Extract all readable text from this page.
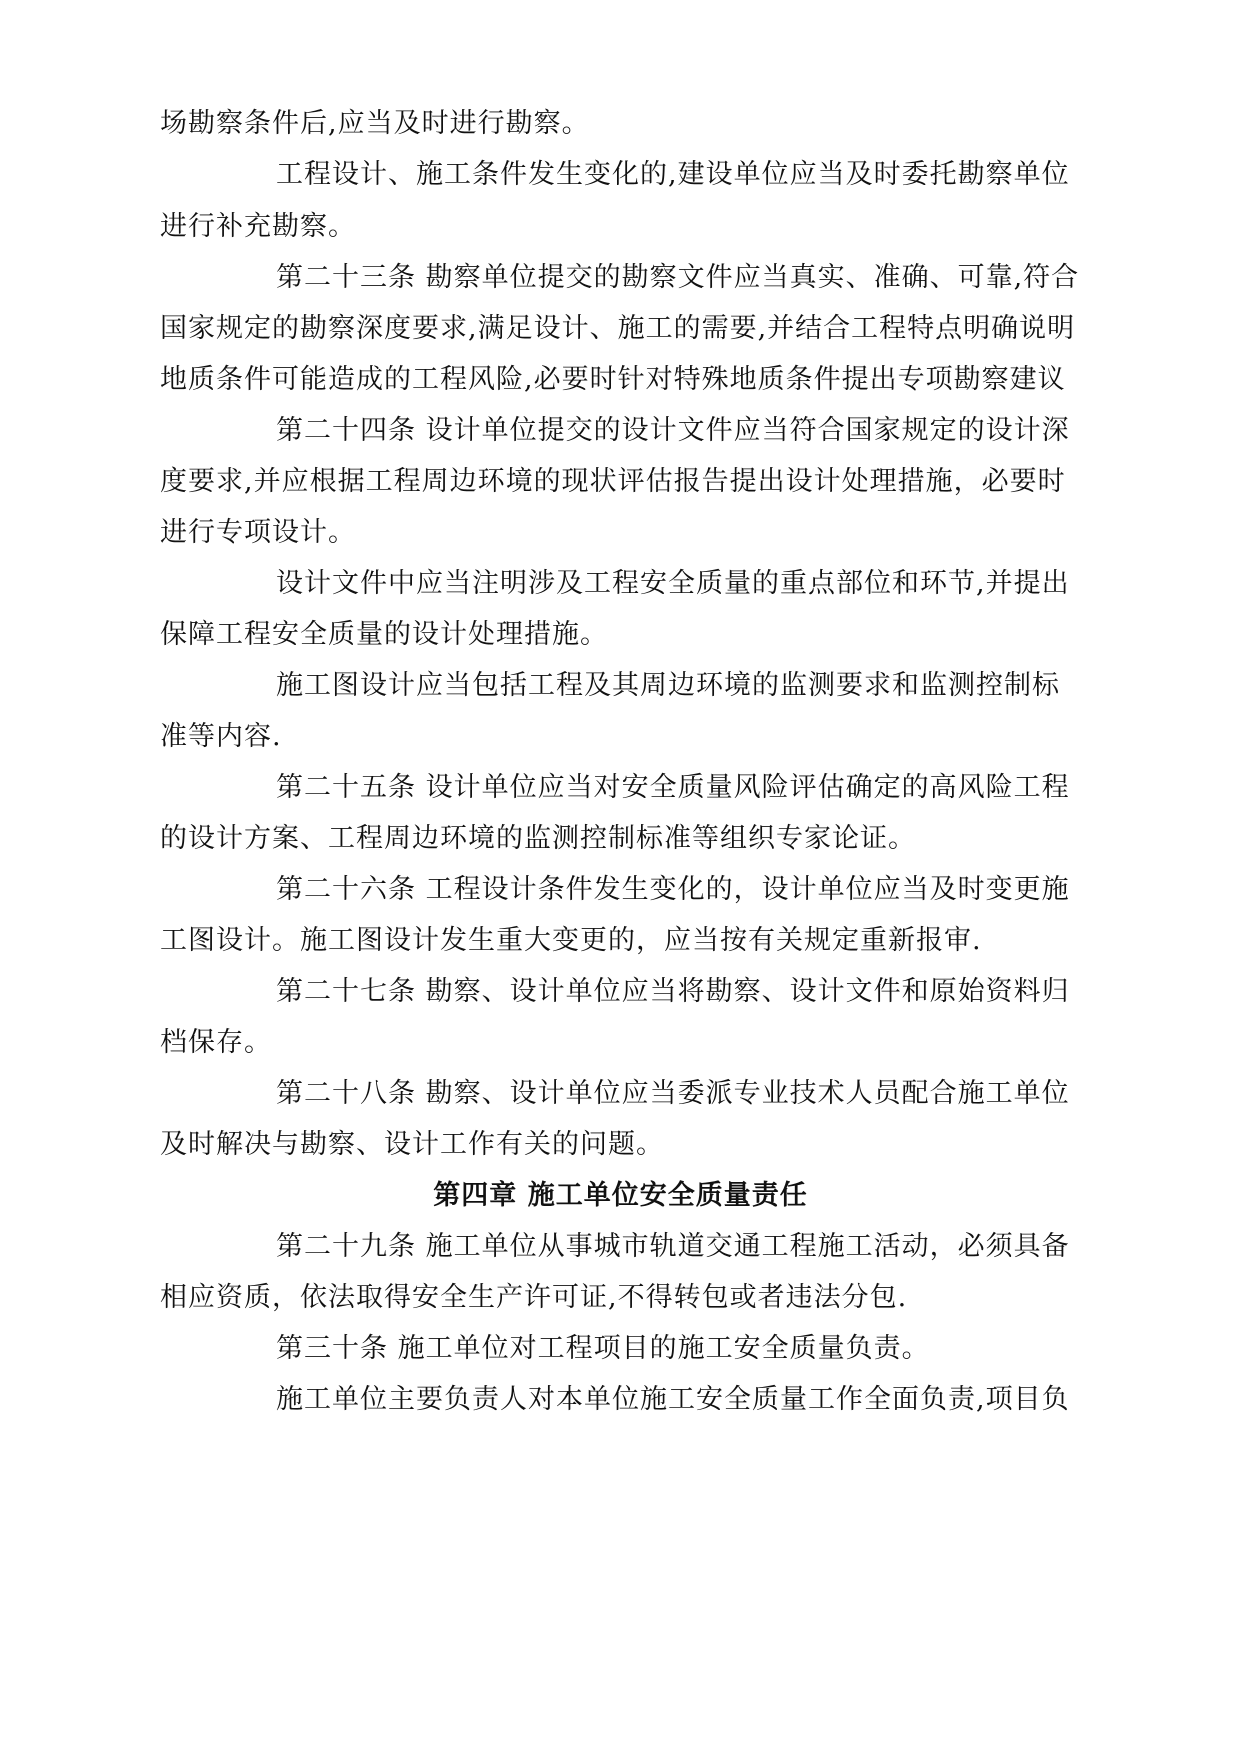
场勘察条件后,应当及时进行勘察。
工程设计、施工条件发生变化的,建设单位应当及时委托勘察单位
进行补充勘察。
第二十三条 勘察单位提交的勘察文件应当真实、准确、可靠,符合
国家规定的勘察深度要求,满足设计、施工的需要,并结合工程特点明确说明
地质条件可能造成的工程风险,必要时针对特殊地质条件提出专项勘察建议
第二十四条 设计单位提交的设计文件应当符合国家规定的设计深
度要求,并应根据工程周边环境的现状评估报告提出设计处理措施，必要时
进行专项设计。
设计文件中应当注明涉及工程安全质量的重点部位和环节,并提出
保障工程安全质量的设计处理措施。
施工图设计应当包括工程及其周边环境的监测要求和监测控制标
准等内容.
第二十五条 设计单位应当对安全质量风险评估确定的高风险工程
的设计方案、工程周边环境的监测控制标准等组织专家论证。
第二十六条 工程设计条件发生变化的，设计单位应当及时变更施
工图设计。施工图设计发生重大变更的，应当按有关规定重新报审.
第二十七条 勘察、设计单位应当将勘察、设计文件和原始资料归
档保存。
第二十八条 勘察、设计单位应当委派专业技术人员配合施工单位
及时解决与勘察、设计工作有关的问题。
第四章 施工单位安全质量责任
第二十九条 施工单位从事城市轨道交通工程施工活动，必须具备
相应资质，依法取得安全生产许可证,不得转包或者违法分包.
第三十条 施工单位对工程项目的施工安全质量负责。
施工单位主要负责人对本单位施工安全质量工作全面负责,项目负
